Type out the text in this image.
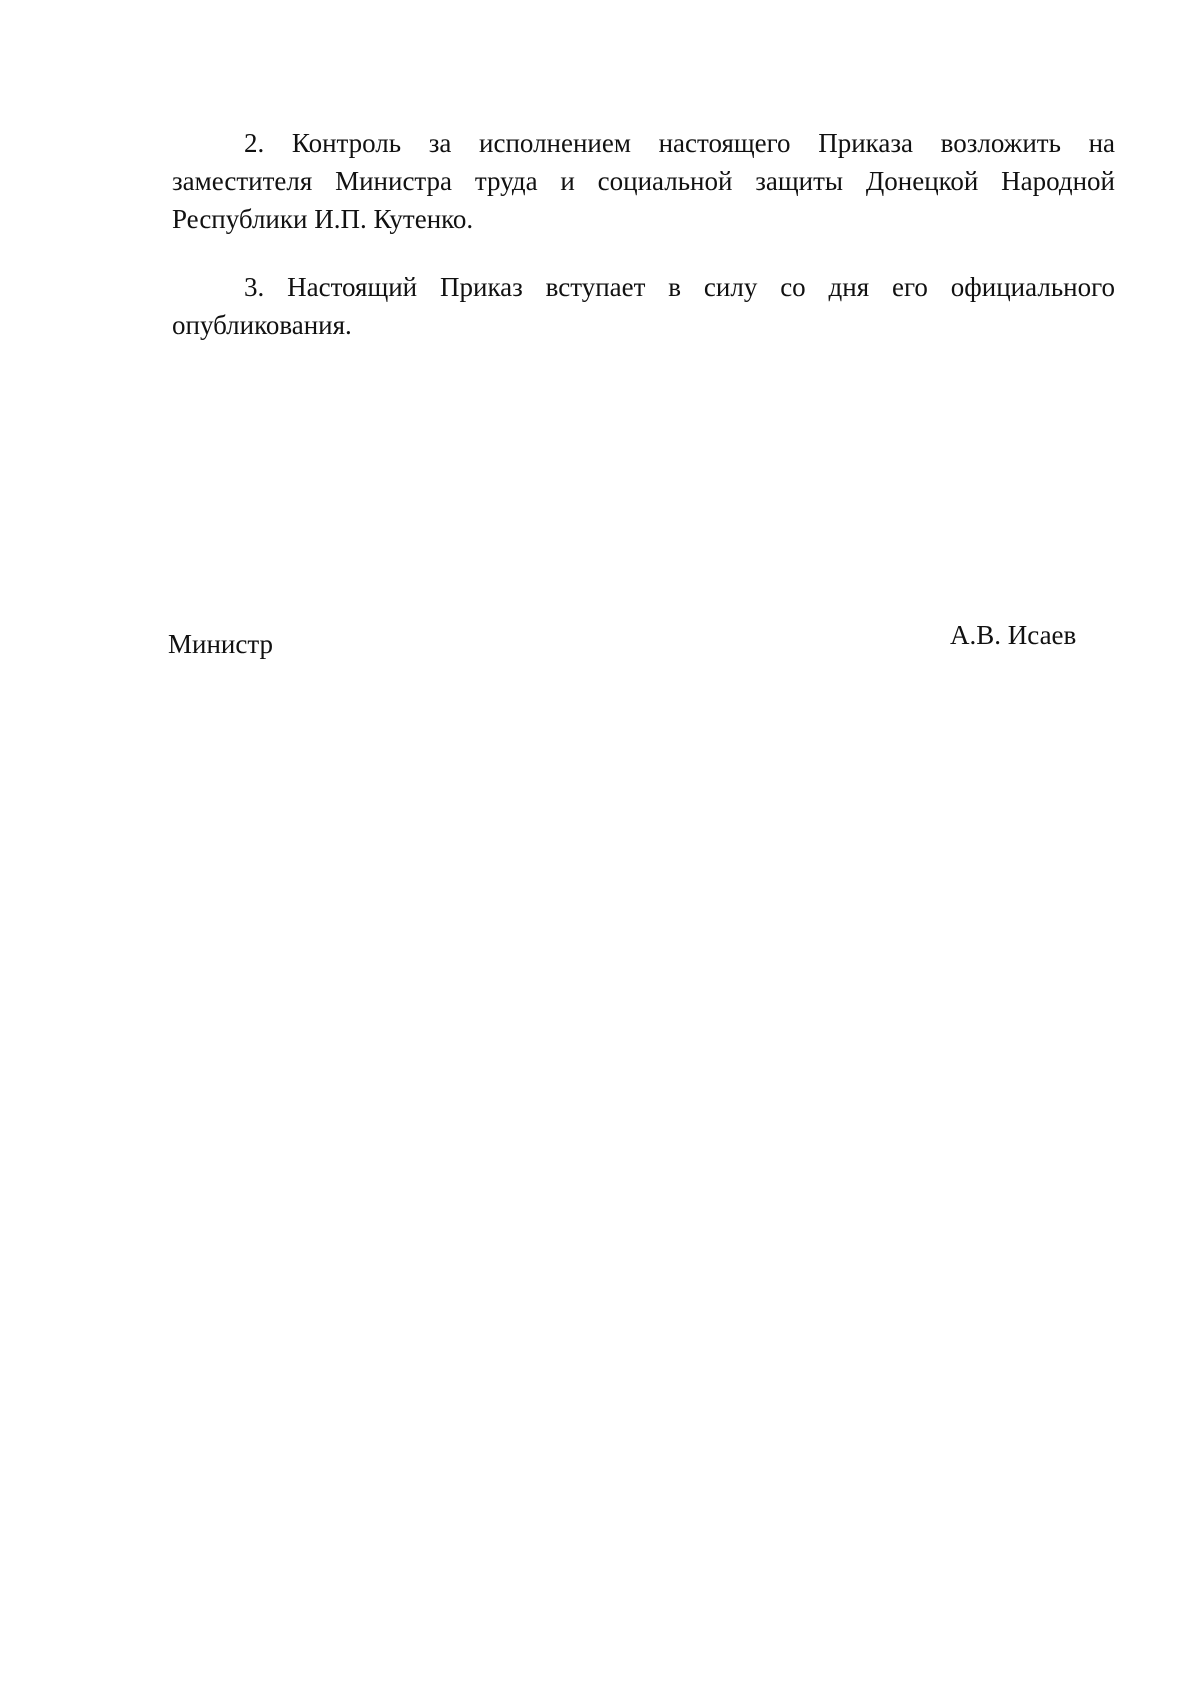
2. Контроль за исполнением настоящего Приказа возложить на заместителя Министра труда и социальной защиты Донецкой Народной Республики И.П. Кутенко.

3. Настоящий Приказ вступает в силу со дня его официального опубликования.

Министр	А.В. Исаев
